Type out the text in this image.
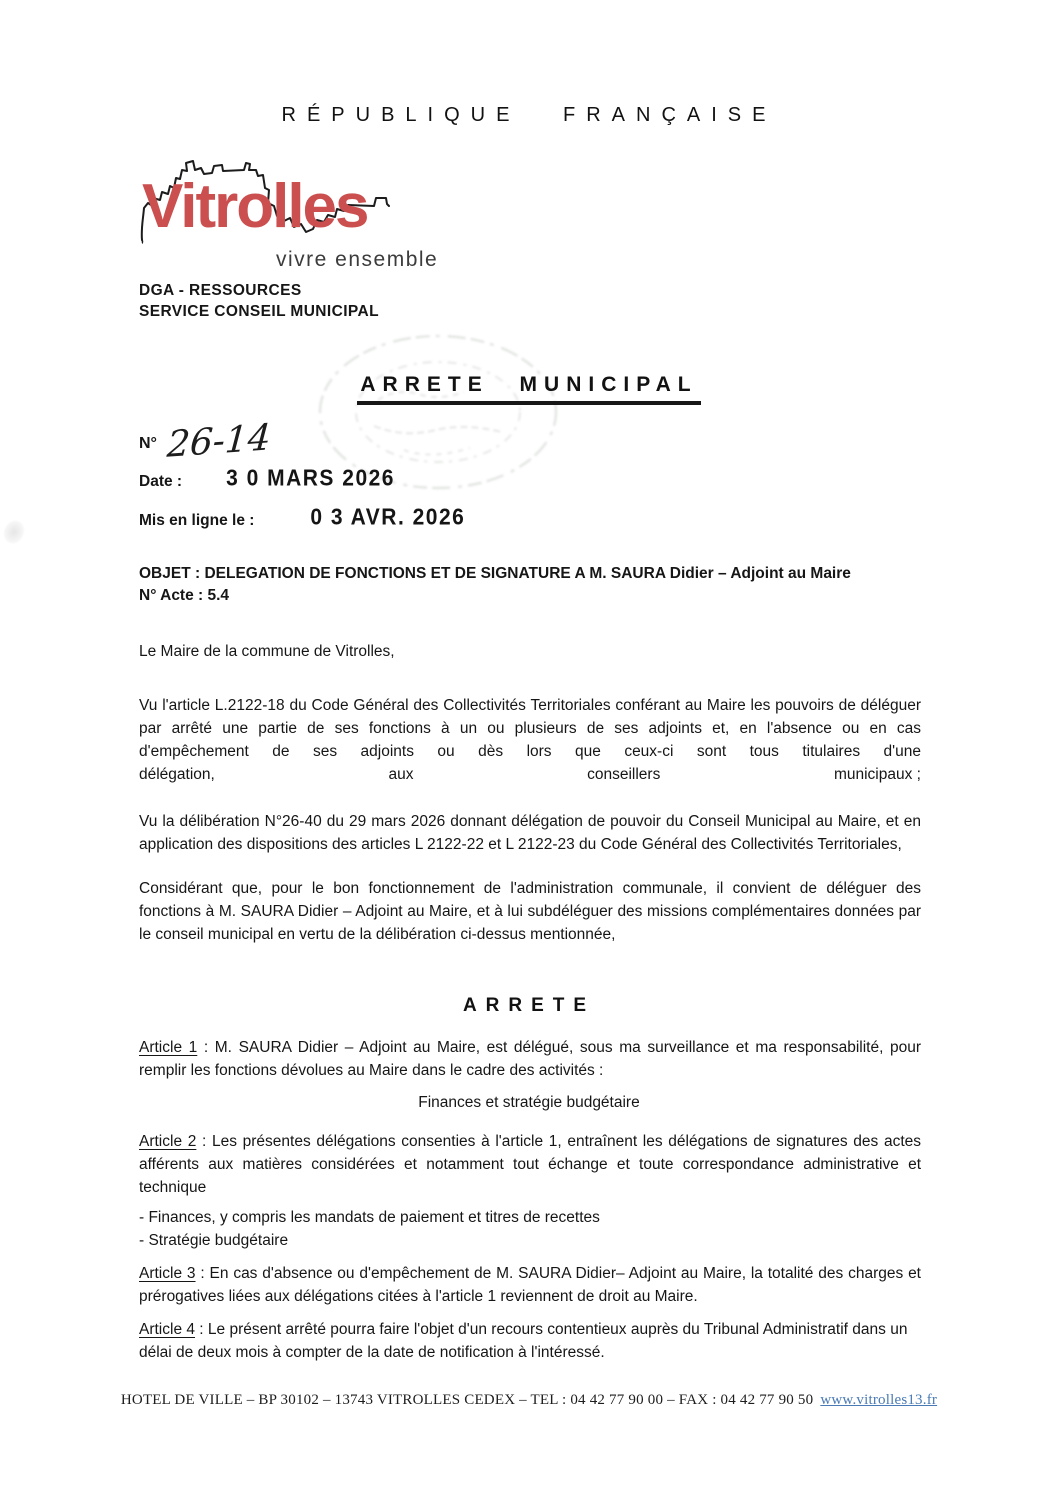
RÉPUBLIQUE FRANÇAISE
Vitrolles
vivre ensemble
DGA - RESSOURCES
SERVICE CONSEIL MUNICIPAL
ARRETE MUNICIPAL
N° 26-14
Date : 3 0 MARS 2026
Mis en ligne le :	0 3 AVR. 2026
OBJET : DELEGATION DE FONCTIONS ET DE SIGNATURE A M. SAURA Didier – Adjoint au Maire
N° Acte : 5.4
Le Maire de la commune de Vitrolles,
Vu l'article L.2122-18 du Code Général des Collectivités Territoriales conférant au Maire les pouvoirs de déléguer par arrêté une partie de ses fonctions à un ou plusieurs de ses adjoints et, en l'absence ou en cas d'empêchement de ses adjoints ou dès lors que ceux-ci sont tous titulaires d'une
délégation,	aux	conseillers	municipaux ;
Vu la délibération N°26-40 du 29 mars 2026 donnant délégation de pouvoir du Conseil Municipal au Maire, et en application des dispositions des articles L 2122-22 et L 2122-23 du Code Général des Collectivités Territoriales,
Considérant que, pour le bon fonctionnement de l'administration communale, il convient de déléguer des fonctions à M. SAURA Didier – Adjoint au Maire, et à lui subdéléguer des missions complémentaires données par le conseil municipal en vertu de la délibération ci-dessus mentionnée,
ARRETE
Article 1 : M. SAURA Didier – Adjoint au Maire, est délégué, sous ma surveillance et ma responsabilité, pour remplir les fonctions dévolues au Maire dans le cadre des activités :
Finances et stratégie budgétaire
Article 2 : Les présentes délégations consenties à l'article 1, entraînent les délégations de signatures des actes afférents aux matières considérées et notamment tout échange et toute correspondance administrative et technique
- Finances, y compris les mandats de paiement et titres de recettes
- Stratégie budgétaire
Article 3 : En cas d'absence ou d'empêchement de M. SAURA Didier– Adjoint au Maire, la totalité des charges et prérogatives liées aux délégations citées à l'article 1 reviennent de droit au Maire.
Article 4 : Le présent arrêté pourra faire l'objet d'un recours contentieux auprès du Tribunal Administratif dans un délai de deux mois à compter de la date de notification à l'intéressé.
HOTEL DE VILLE – BP 30102 – 13743 VITROLLES CEDEX – TEL : 04 42 77 90 00 – FAX : 04 42 77 90 50 www.vitrolles13.fr
